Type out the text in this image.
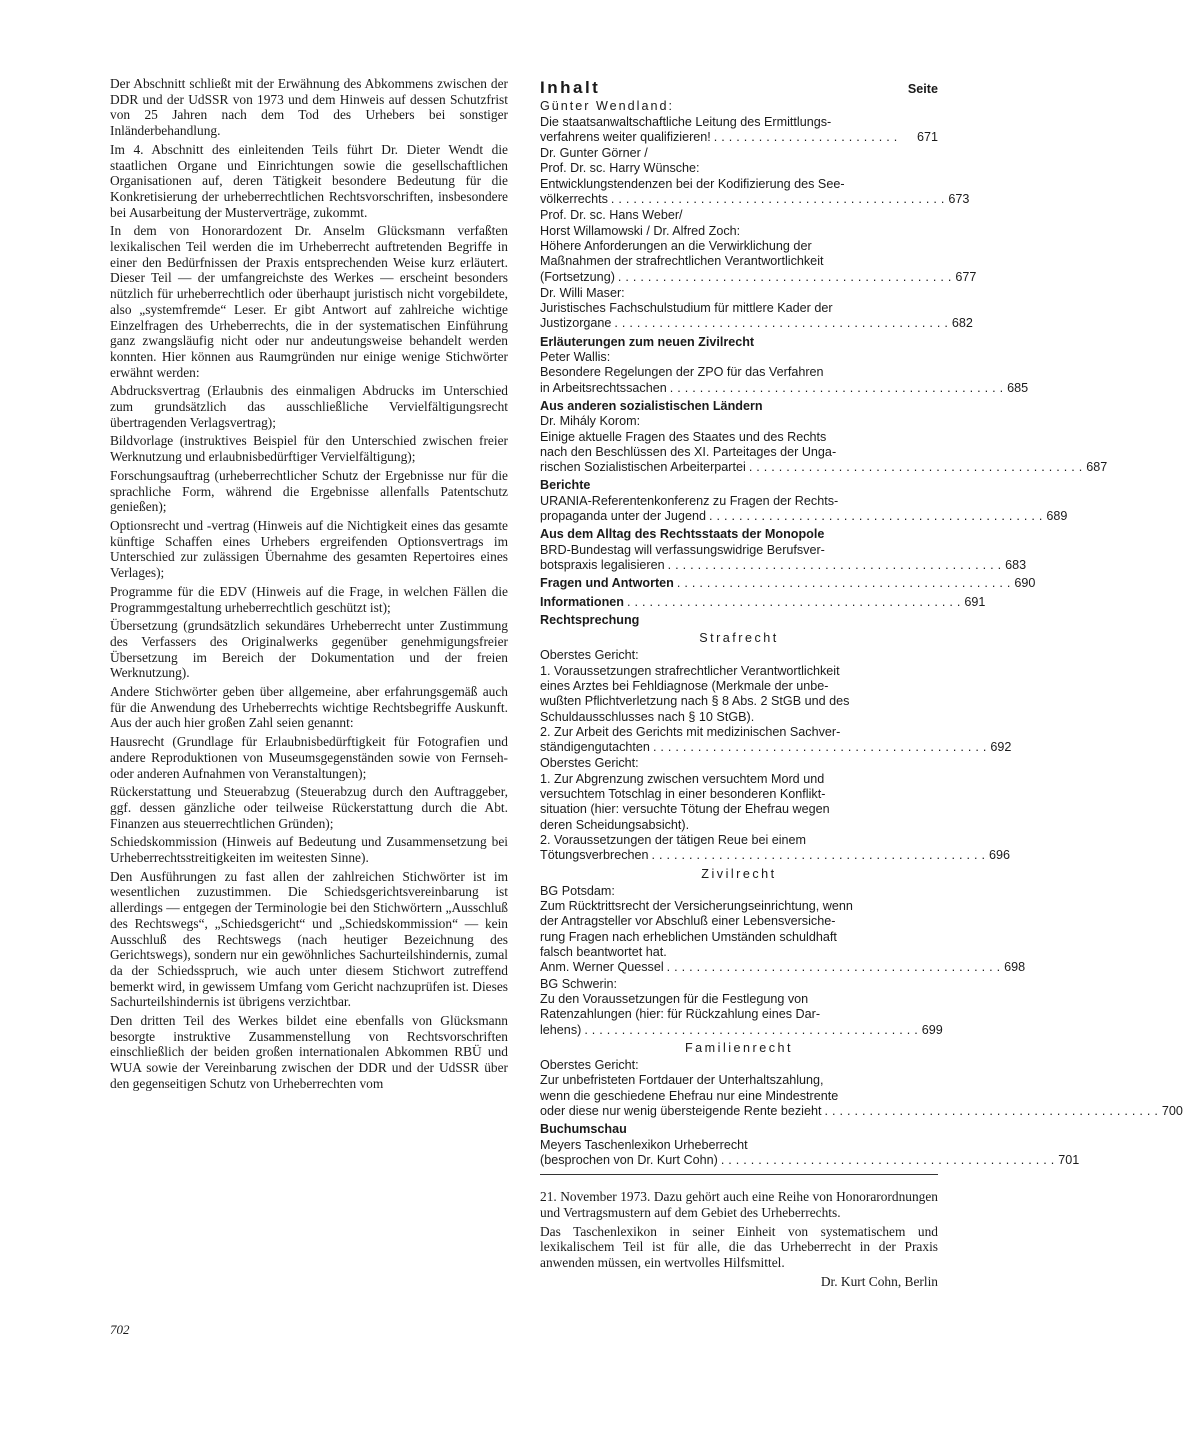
Der Abschnitt schließt mit der Erwähnung des Abkommens zwischen der DDR und der UdSSR von 1973 und dem Hinweis auf dessen Schutzfrist von 25 Jahren nach dem Tod des Urhebers bei sonstiger Inländerbehandlung.

Im 4. Abschnitt des einleitenden Teils führt Dr. Dieter Wendt die staatlichen Organe und Einrichtungen sowie die gesellschaftlichen Organisationen auf, deren Tätigkeit besondere Bedeutung für die Konkretisierung der urheberrechtlichen Rechtsvorschriften, insbesondere bei Ausarbeitung der Musterverträge, zukommt.

In dem von Honorardozent Dr. Anselm Glücksmann verfaßten lexikalischen Teil werden die im Urheberrecht auftretenden Begriffe in einer den Bedürfnissen der Praxis entsprechenden Weise kurz erläutert. Dieser Teil — der umfangreichste des Werkes — erscheint besonders nützlich für urheberrechtlich oder überhaupt juristisch nicht vorgebildete, also „systemfremde“ Leser. Er gibt Antwort auf zahlreiche wichtige Einzelfragen des Urheberrechts, die in der systematischen Einführung ganz zwangsläufig nicht oder nur andeutungsweise behandelt werden konnten. Hier können aus Raumgründen nur einige wenige Stichwörter erwähnt werden:

Abdrucksvertrag (Erlaubnis des einmaligen Abdrucks im Unterschied zum grundsätzlich das ausschließliche Vervielfältigungsrecht übertragenden Verlagsvertrag);

Bildvorlage (instruktives Beispiel für den Unterschied zwischen freier Werknutzung und erlaubnisbedürftiger Vervielfältigung);

Forschungsauftrag (urheberrechtlicher Schutz der Ergebnisse nur für die sprachliche Form, während die Ergebnisse allenfalls Patentschutz genießen);

Optionsrecht und -vertrag (Hinweis auf die Nichtigkeit eines das gesamte künftige Schaffen eines Urhebers ergreifenden Optionsvertrags im Unterschied zur zulässigen Übernahme des gesamten Repertoires eines Verlages);

Programme für die EDV (Hinweis auf die Frage, in welchen Fällen die Programmgestaltung urheberrechtlich geschützt ist);

Übersetzung (grundsätzlich sekundäres Urheberrecht unter Zustimmung des Verfassers des Originalwerks gegenüber genehmigungsfreier Übersetzung im Bereich der Dokumentation und der freien Werknutzung).

Andere Stichwörter geben über allgemeine, aber erfahrungsgemäß auch für die Anwendung des Urheberrechts wichtige Rechtsbegriffe Auskunft. Aus der auch hier großen Zahl seien genannt:

Hausrecht (Grundlage für Erlaubnisbedürftigkeit für Fotografien und andere Reproduktionen von Museumsgegenständen sowie von Fernseh- oder anderen Aufnahmen von Veranstaltungen);

Rückerstattung und Steuerabzug (Steuerabzug durch den Auftraggeber, ggf. dessen gänzliche oder teilweise Rückerstattung durch die Abt. Finanzen aus steuerrechtlichen Gründen);

Schiedskommission (Hinweis auf Bedeutung und Zusammensetzung bei Urheberrechtsstreitigkeiten im weitesten Sinne).

Den Ausführungen zu fast allen der zahlreichen Stichwörter ist im wesentlichen zuzustimmen. Die Schiedsgerichtsvereinbarung ist allerdings — entgegen der Terminologie bei den Stichwörtern „Ausschluß des Rechtswegs“, „Schiedsgericht“ und „Schiedskommission“ — kein Ausschluß des Rechtswegs (nach heutiger Bezeichnung des Gerichtswegs), sondern nur ein gewöhnliches Sachurteilshindernis, zumal da der Schiedsspruch, wie auch unter diesem Stichwort zutreffend bemerkt wird, in gewissem Umfang vom Gericht nachzuprüfen ist. Dieses Sachurteilshindernis ist übrigens verzichtbar.

Den dritten Teil des Werkes bildet eine ebenfalls von Glücksmann besorgte instruktive Zusammenstellung von Rechtsvorschriften einschließlich der beiden großen internationalen Abkommen RBÜ und WUA sowie der Vereinbarung zwischen der DDR und der UdSSR über den gegenseitigen Schutz von Urheberrechten vom

Inhalt	Seite
Günter Wendland:
Die staatsanwaltschaftliche Leitung des Ermittlungs-
verfahrens weiter qualifizieren! .........................	671
Dr. Gunter Görner /
Prof. Dr. sc. Harry Wünsche:
Entwicklungstendenzen bei der Kodifizierung des See-
völkerrechts ............................................. 673
Prof. Dr. sc. Hans Weber/
Horst Willamowski / Dr. Alfred Zoch:
Höhere Anforderungen an die Verwirklichung der
Maßnahmen der strafrechtlichen Verantwortlichkeit
(Fortsetzung) ............................................. 677
Dr. Willi Maser:
Juristisches Fachschulstudium für mittlere Kader der
Justizorgane ............................................. 682
Erläuterungen zum neuen Zivilrecht
Peter Wallis:
Besondere Regelungen der ZPO für das Verfahren
in Arbeitsrechtssachen ............................................. 685
Aus anderen sozialistischen Ländern
Dr. Mihály Korom:
Einige aktuelle Fragen des Staates und des Rechts
nach den Beschlüssen des XI. Parteitages der Unga-
rischen Sozialistischen Arbeiterpartei ............................................. 687
Berichte
URANIA-Referentenkonferenz zu Fragen der Rechts-
propaganda unter der Jugend ............................................. 689
Aus dem Alltag des Rechtsstaats der Monopole
BRD-Bundestag will verfassungswidrige Berufsver-
botspraxis legalisieren ............................................. 683
Fragen und Antworten ............................................. 690
Informationen ............................................. 691
Rechtsprechung
Strafrecht
Oberstes Gericht:
1. Voraussetzungen strafrechtlicher Verantwortlichkeit
eines Arztes bei Fehldiagnose (Merkmale der unbe-
wußten Pflichtverletzung nach § 8 Abs. 2 StGB und des
Schuldausschlusses nach § 10 StGB).
2. Zur Arbeit des Gerichts mit medizinischen Sachver-
ständigengutachten ............................................. 692
Oberstes Gericht:
1. Zur Abgrenzung zwischen versuchtem Mord und
versuchtem Totschlag in einer besonderen Konflikt-
situation (hier: versuchte Tötung der Ehefrau wegen
deren Scheidungsabsicht).
2. Voraussetzungen der tätigen Reue bei einem
Tötungsverbrechen ............................................. 696
Zivilrecht
BG Potsdam:
Zum Rücktrittsrecht der Versicherungseinrichtung, wenn
der Antragsteller vor Abschluß einer Lebensversiche-
rung Fragen nach erheblichen Umständen schuldhaft
falsch beantwortet hat.
Anm. Werner Quessel ............................................. 698
BG Schwerin:
Zu den Voraussetzungen für die Festlegung von
Ratenzahlungen (hier: für Rückzahlung eines Dar-
lehens) ............................................. 699
Familienrecht
Oberstes Gericht:
Zur unbefristeten Fortdauer der Unterhaltszahlung,
wenn die geschiedene Ehefrau nur eine Mindestrente
oder diese nur wenig übersteigende Rente bezieht ............................................. 700
Buchumschau
Meyers Taschenlexikon Urheberrecht
(besprochen von Dr. Kurt Cohn) ............................................. 701

21. November 1973. Dazu gehört auch eine Reihe von Honorarordnungen und Vertragsmustern auf dem Gebiet des Urheberrechts.

Das Taschenlexikon in seiner Einheit von systematischem und lexikalischem Teil ist für alle, die das Urheberrecht in der Praxis anwenden müssen, ein wertvolles Hilfsmittel.

Dr. Kurt Cohn, Berlin
702
